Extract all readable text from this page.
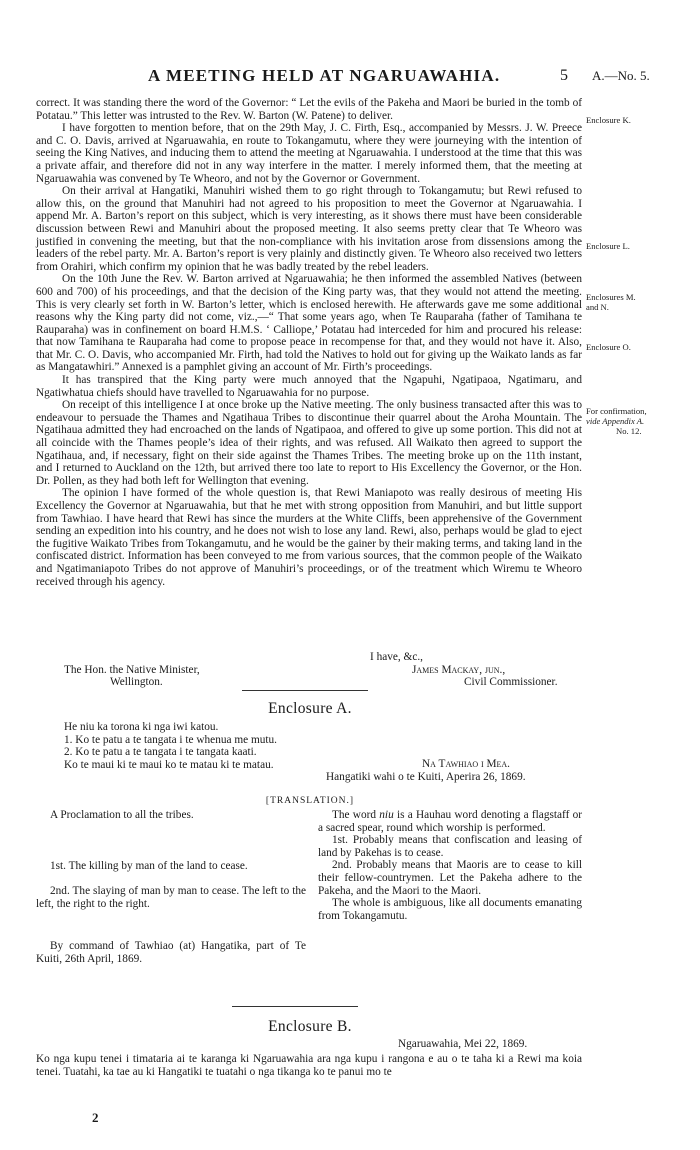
A MEETING HELD AT NGARUAWAHIA.	5 A.—No. 5.

correct. It was standing there the word of the Governor: “ Let the evils of the Pakeha and Maori be buried in the tomb of Potatau.” This letter was intrusted to the Rev. W. Barton (W. Patene) to deliver.

I have forgotten to mention before, that on the 29th May, J. C. Firth, Esq., accompanied by Messrs. J. W. Preece and C. O. Davis, arrived at Ngaruawahia, en route to Tokangamutu, where they were journeying with the intention of seeing the King Natives, and inducing them to attend the meeting at Ngaruawahia. I understood at the time that this was a private affair, and therefore did not in any way interfere in the matter. I merely informed them, that the meeting at Ngaruawahia was convened by Te Wheoro, and not by the Governor or Government.

On their arrival at Hangatiki, Manuhiri wished them to go right through to Tokangamutu; but Rewi refused to allow this, on the ground that Manuhiri had not agreed to his proposition to meet the Governor at Ngaruawahia. I append Mr. A. Barton’s report on this subject, which is very interesting, as it shows there must have been considerable discussion between Rewi and Manuhiri about the proposed meeting. It also seems pretty clear that Te Wheoro was justified in convening the meeting, but that the non-compliance with his invitation arose from dissensions among the leaders of the rebel party. Mr. A. Barton’s report is very plainly and distinctly given. Te Wheoro also received two letters from Orahiri, which confirm my opinion that he was badly treated by the rebel leaders.

On the 10th June the Rev. W. Barton arrived at Ngaruawahia; he then informed the assembled Natives (between 600 and 700) of his proceedings, and that the decision of the King party was, that they would not attend the meeting. This is very clearly set forth in W. Barton’s letter, which is enclosed herewith. He afterwards gave me some additional reasons why the King party did not come, viz.,—“ That some years ago, when Te Rauparaha (father of Tamihana te Rauparaha) was in confinement on board H.M.S. ‘ Calliope,’ Potatau had interceded for him and procured his release: that now Tamihana te Rauparaha had come to propose peace in recompense for that, and they would not have it. Also, that Mr. C. O. Davis, who accompanied Mr. Firth, had told the Natives to hold out for giving up the Waikato lands as far as Mangatawhiri.” Annexed is a pamphlet giving an account of Mr. Firth’s proceedings.

It has transpired that the King party were much annoyed that the Ngapuhi, Ngatipaoa, Ngatimaru, and Ngatiwhatua chiefs should have travelled to Ngaruawahia for no purpose.

On receipt of this intelligence I at once broke up the Native meeting. The only business transacted after this was to endeavour to persuade the Thames and Ngatihaua Tribes to discontinue their quarrel about the Aroha Mountain. The Ngatihaua admitted they had encroached on the lands of Ngatipaoa, and offered to give up some portion. This did not at all coincide with the Thames people’s idea of their rights, and was refused. All Waikato then agreed to support the Ngatihaua, and, if necessary, fight on their side against the Thames Tribes. The meeting broke up on the 11th instant, and I returned to Auckland on the 12th, but arrived there too late to report to His Excellency the Governor, or the Hon. Dr. Pollen, as they had both left for Wellington that evening.

The opinion I have formed of the whole question is, that Rewi Maniapoto was really desirous of meeting His Excellency the Governor at Ngaruawahia, but that he met with strong opposition from Manuhiri, and but little support from Tawhiao. I have heard that Rewi has since the murders at the White Cliffs, been apprehensive of the Government sending an expedition into his country, and he does not wish to lose any land. Rewi, also, perhaps would be glad to eject the fugitive Waikato Tribes from Tokangamutu, and he would be the gainer by their making terms, and taking land in the confiscated district. Information has been conveyed to me from various sources, that the common people of the Waikato and Ngatimaniapoto Tribes do not approve of Manuhiri’s proceedings, or of the treatment which Wiremu te Wheoro received through his agency.

Enclosure K.
Enclosure L.
Enclosures M.
and N.
Enclosure O.
For confirmation,
vide Appendix A.
No. 12.
I have, &c.,
The Hon. the Native Minister,	James Mackay, jun.,
Wellington.	Civil Commissioner.
Enclosure A.

He niu ka torona ki nga iwi katou.

1. Ko te patu a te tangata i te whenua me mutu.

2. Ko te patu a te tangata i te tangata kaati.

Ko te maui ki te maui ko te matau ki te matau.	Na Tawhiao i Mea.
Hangatiki wahi o te Kuiti, Aperira 26, 1869.
[TRANSLATION.]

A Proclamation to all the tribes.

1st. The killing by man of the land to cease.

2nd. The slaying of man by man to cease. The left to the left, the right to the right.

By command of Tawhiao (at) Hangatika, part of Te Kuiti, 26th April, 1869.

The word niu is a Hauhau word denoting a flagstaff or a sacred spear, round which worship is performed.

1st. Probably means that confiscation and leasing of land by Pakehas is to cease.

2nd. Probably means that Maoris are to cease to kill their fellow-countrymen. Let the Pakeha adhere to the Pakeha, and the Maori to the Maori.

The whole is ambiguous, like all documents emanating from Tokangamutu.

Enclosure B.
Ngaruawahia, Mei 22, 1869.
Ko nga kupu tenei i timataria ai te karanga ki Ngaruawahia ara nga kupu i rangona e au o te taha ki a Rewi ma koia tenei. Tuatahi, ka tae au ki Hangatiki te tuatahi o nga tikanga ko te panui mo te
2
